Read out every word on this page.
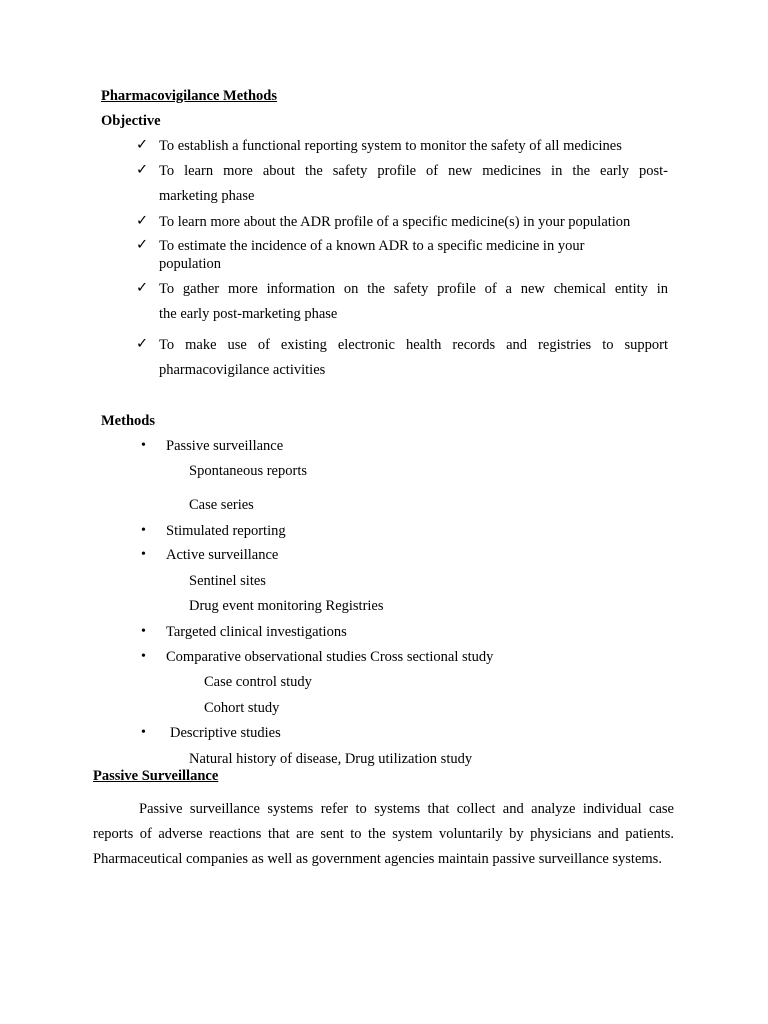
Pharmacovigilance Methods
Objective
✓ To establish a functional reporting system to monitor the safety of all medicines
✓ To learn more about the safety profile of new medicines in the early post-
marketing phase
✓ To learn more about the ADR profile of a specific medicine(s) in your population
✓ To estimate the incidence of a known ADR to a specific medicine in your
population
✓ To gather more information on the safety profile of a new chemical entity in
the early post-marketing phase
✓ To make use of existing electronic health records and registries to support
pharmacovigilance activities
Methods
• Passive surveillance
Spontaneous reports
Case series
• Stimulated reporting
• Active surveillance
Sentinel sites
Drug event monitoring Registries
• Targeted clinical investigations
• Comparative observational studies Cross sectional study
Case control study
Cohort study
• Descriptive studies
Natural history of disease, Drug utilization study
Passive Surveillance
Passive surveillance systems refer to systems that collect and analyze individual case reports of adverse reactions that are sent to the system voluntarily by physicians and patients. Pharmaceutical companies as well as government agencies maintain passive surveillance systems.
